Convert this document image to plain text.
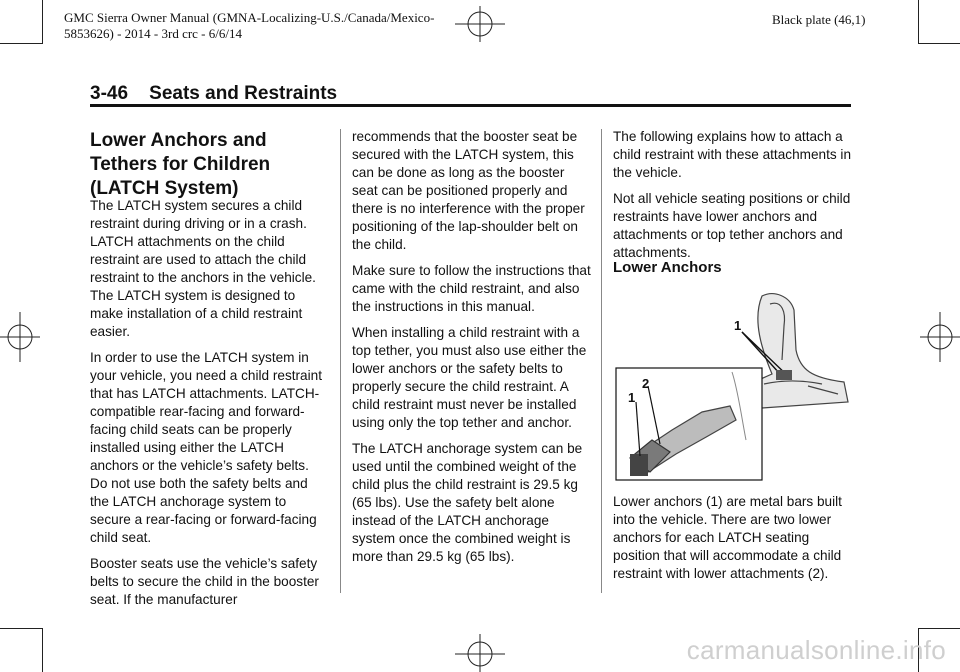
GMC Sierra Owner Manual (GMNA-Localizing-U.S./Canada/Mexico-
5853626) - 2014 - 3rd crc - 6/6/14
Black plate (46,1)
3-46    Seats and Restraints
Lower Anchors and Tethers for Children (LATCH System)

The LATCH system secures a child restraint during driving or in a crash. LATCH attachments on the child restraint are used to attach the child restraint to the anchors in the vehicle. The LATCH system is designed to make installation of a child restraint easier.

In order to use the LATCH system in your vehicle, you need a child restraint that has LATCH attachments. LATCH-compatible rear-facing and forward-facing child seats can be properly installed using either the LATCH anchors or the vehicle’s safety belts. Do not use both the safety belts and the LATCH anchorage system to secure a rear-facing or forward-facing child seat.

Booster seats use the vehicle’s safety belts to secure the child in the booster seat. If the manufacturer

recommends that the booster seat be secured with the LATCH system, this can be done as long as the booster seat can be positioned properly and there is no interference with the proper positioning of the lap-shoulder belt on the child.

Make sure to follow the instructions that came with the child restraint, and also the instructions in this manual.

When installing a child restraint with a top tether, you must also use either the lower anchors or the safety belts to properly secure the child restraint. A child restraint must never be installed using only the top tether and anchor.

The LATCH anchorage system can be used until the combined weight of the child plus the child restraint is 29.5 kg (65 lbs). Use the safety belt alone instead of the LATCH anchorage system once the combined weight is more than 29.5 kg (65 lbs).

The following explains how to attach a child restraint with these attachments in the vehicle.

Not all vehicle seating positions or child restraints have lower anchors and attachments or top tether anchors and attachments.

Lower Anchors
1
1
2

Lower anchors (1) are metal bars built into the vehicle. There are two lower anchors for each LATCH seating position that will accommodate a child restraint with lower attachments (2).

carmanualsonline.info
